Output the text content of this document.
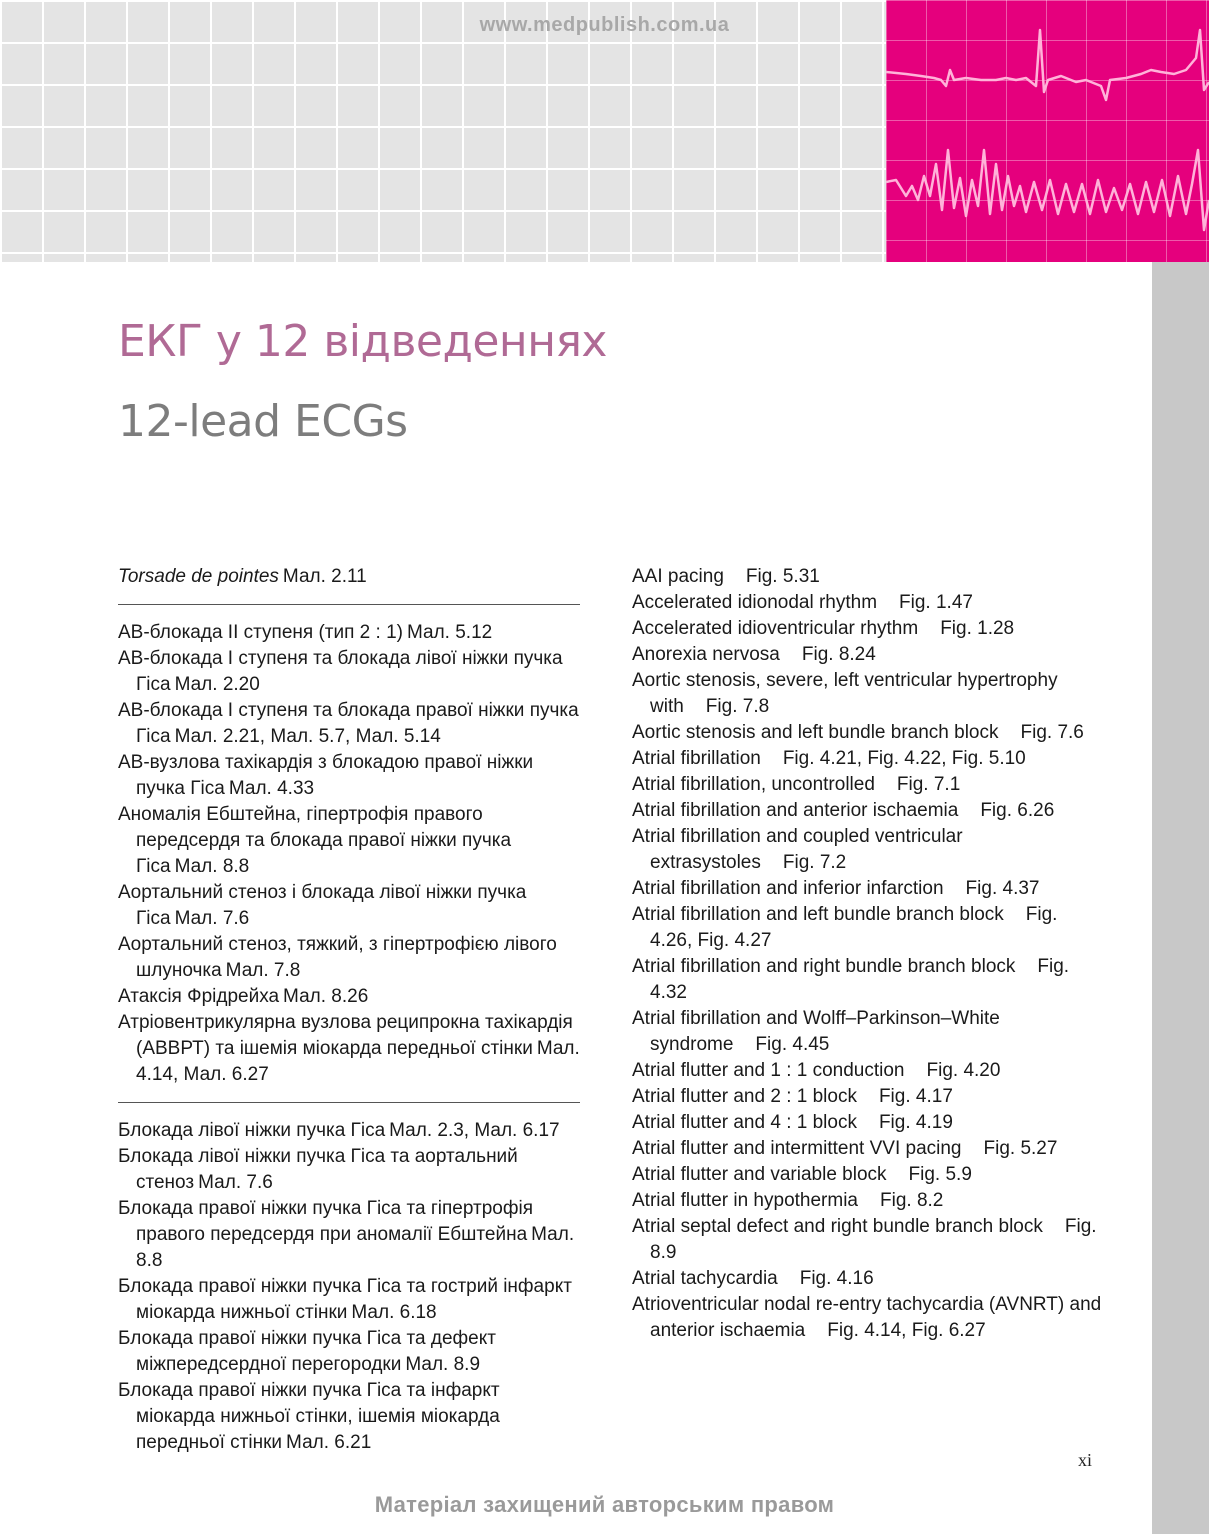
www.medpublish.com.ua
ЕКГ у 12 відведеннях
12-lead ECGs
Torsade de pointes Мал. 2.11
АВ-блокада II ступеня (тип 2 : 1) Мал. 5.12
АВ-блокада I ступеня та блокада лівої ніжки пучка Гіса Мал. 2.20
АВ-блокада I ступеня та блокада правої ніжки пучка Гіса Мал. 2.21, Мал. 5.7, Мал. 5.14
АВ-вузлова тахікардія з блокадою правої ніжки пучка Гіса Мал. 4.33
Аномалія Ебштейна, гіпертрофія правого передсердя та блокада правої ніжки пучка Гіса Мал. 8.8
Аортальний стеноз і блокада лівої ніжки пучка Гіса Мал. 7.6
Аортальний стеноз, тяжкий, з гіпертрофією лівого шлуночка Мал. 7.8
Атаксія Фрідрейха Мал. 8.26
Атріовентрикулярна вузлова реципрокна тахікардія (АВВРТ) та ішемія міокарда передньої стінки Мал. 4.14, Мал. 6.27
Блокада лівої ніжки пучка Гіса Мал. 2.3, Мал. 6.17
Блокада лівої ніжки пучка Гіса та аортальний стеноз Мал. 7.6
Блокада правої ніжки пучка Гіса та гіпертрофія правого передсердя при аномалії Ебштейна Мал. 8.8
Блокада правої ніжки пучка Гіса та гострий інфаркт міокарда нижньої стінки Мал. 6.18
Блокада правої ніжки пучка Гіса та дефект міжпередсердної перегородки Мал. 8.9
Блокада правої ніжки пучка Гіса та інфаркт міокарда нижньої стінки, ішемія міокарда передньої стінки Мал. 6.21
AAI pacing Fig. 5.31
Accelerated idionodal rhythm Fig. 1.47
Accelerated idioventricular rhythm Fig. 1.28
Anorexia nervosa Fig. 8.24
Aortic stenosis, severe, left ventricular hypertrophy with Fig. 7.8
Aortic stenosis and left bundle branch block Fig. 7.6
Atrial fibrillation Fig. 4.21, Fig. 4.22, Fig. 5.10
Atrial fibrillation, uncontrolled Fig. 7.1
Atrial fibrillation and anterior ischaemia Fig. 6.26
Atrial fibrillation and coupled ventricular extrasystoles Fig. 7.2
Atrial fibrillation and inferior infarction Fig. 4.37
Atrial fibrillation and left bundle branch block Fig. 4.26, Fig. 4.27
Atrial fibrillation and right bundle branch block Fig. 4.32
Atrial fibrillation and Wolff–Parkinson–White syndrome Fig. 4.45
Atrial flutter and 1 : 1 conduction Fig. 4.20
Atrial flutter and 2 : 1 block Fig. 4.17
Atrial flutter and 4 : 1 block Fig. 4.19
Atrial flutter and intermittent VVI pacing Fig. 5.27
Atrial flutter and variable block Fig. 5.9
Atrial flutter in hypothermia Fig. 8.2
Atrial septal defect and right bundle branch block Fig. 8.9
Atrial tachycardia Fig. 4.16
Atrioventricular nodal re-entry tachycardia (AVNRT) and anterior ischaemia Fig. 4.14, Fig. 6.27
xi
Матеріал захищений авторським правом
